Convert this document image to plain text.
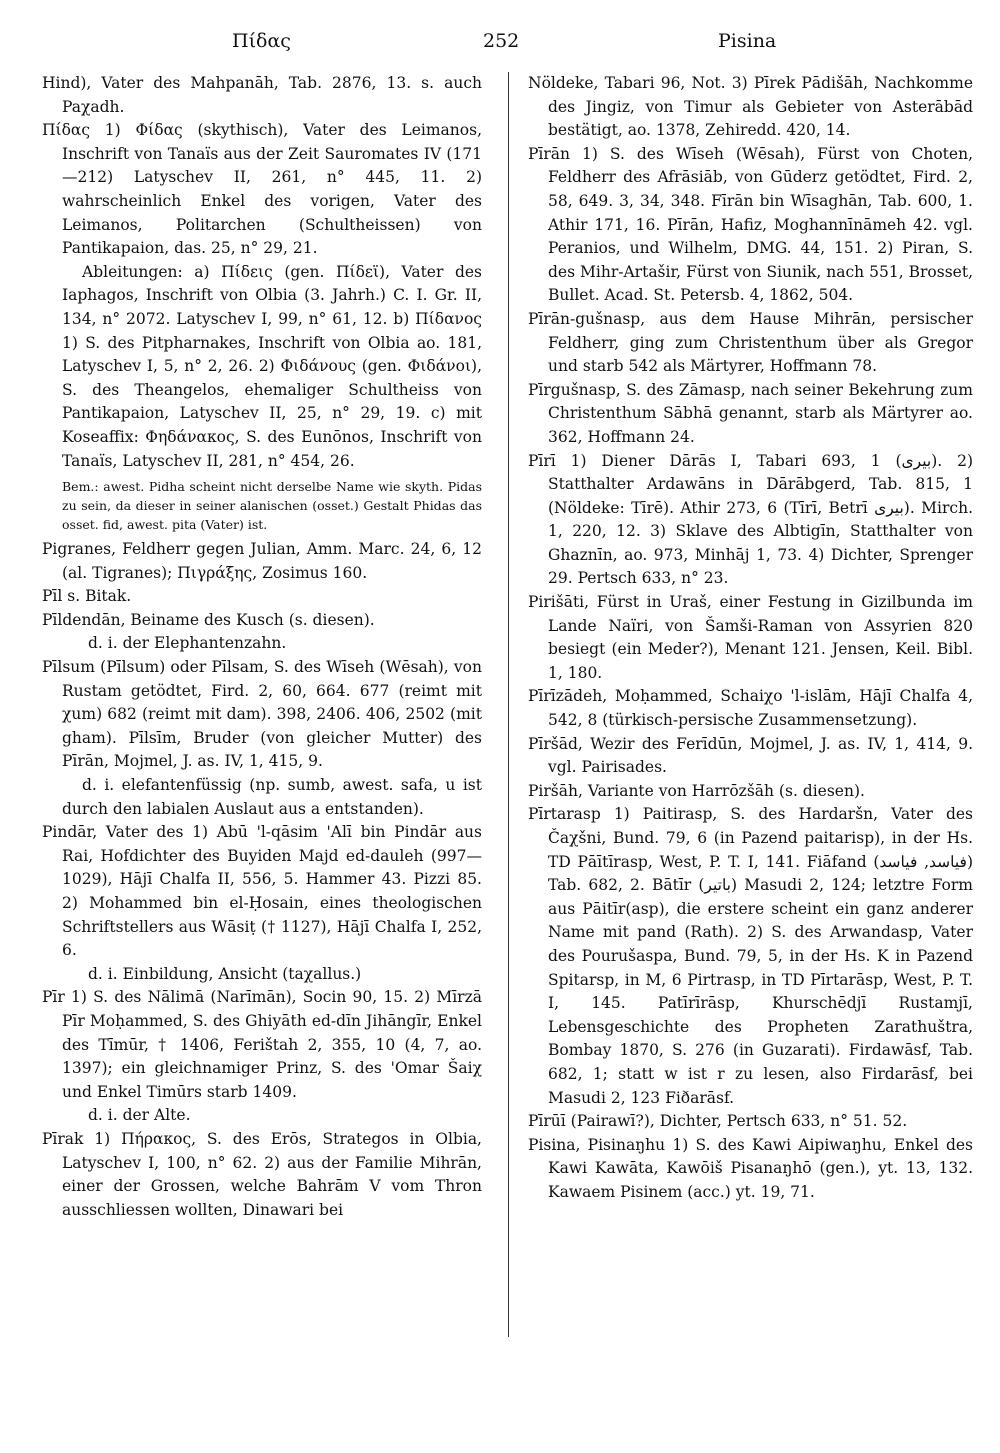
Πίδας	252	Pisina

Hind), Vater des Mahpanāh, Tab. 2876, 13. s. auch Paχadh.

Πίδας 1) Φίδας (skythisch), Vater des Leimanos, Inschrift von Tanaïs aus der Zeit Sauromates IV (171—212) Latyschev II, 261, n° 445, 11. 2) wahrscheinlich Enkel des vorigen, Vater des Leimanos, Politarchen (Schultheissen) von Pantikapaion, das. 25, n° 29, 21.

Ableitungen: a) Πίδεις (gen. Πίδεϊ), Vater des Iaphagos, Inschrift von Olbia (3. Jahrh.) C. I. Gr. II, 134, n° 2072. Latyschev I, 99, n° 61, 12. b) Πίδανος 1) S. des Pitpharnakes, Inschrift von Olbia ao. 181, Latyschev I, 5, n° 2, 26. 2) Φιδάνους (gen. Φιδάνοι), S. des Theangelos, ehemaliger Schultheiss von Pantikapaion, Latyschev II, 25, n° 29, 19. c) mit Koseaffix: Φηδάνακος, S. des Eunōnos, Inschrift von Tanaïs, Latyschev II, 281, n° 454, 26.

Bem.: awest. Pidha scheint nicht derselbe Name wie skyth. Pidas zu sein, da dieser in seiner alanischen (osset.) Gestalt Phidas das osset. fid, awest. pita (Vater) ist.

Pigranes, Feldherr gegen Julian, Amm. Marc. 24, 6, 12 (al. Tigranes); Πιγράξης, Zosimus 160.

Pīl s. Bitak.

Pīldendān, Beiname des Kusch (s. diesen).

d. i. der Elephantenzahn.

Pīlsum (Pīlsum) oder Pīlsam, S. des Wīseh (Wēsah), von Rustam getödtet, Fird. 2, 60, 664. 677 (reimt mit χum) 682 (reimt mit dam). 398, 2406. 406, 2502 (mit gham). Pīlsīm, Bruder (von gleicher Mutter) des Pīrān, Mojmel, J. as. IV, 1, 415, 9.

d. i. elefantenfüssig (np. sumb, awest. safa, u ist durch den labialen Auslaut aus a entstanden).

Pindār, Vater des 1) Abū 'l-qāsim 'Alī bin Pindār aus Rai, Hofdichter des Buyiden Majd ed-dauleh (997—1029), Hājī Chalfa II, 556, 5. Hammer 43. Pizzi 85. 2) Mohammed bin el-Ḥosain, eines theologischen Schriftstellers aus Wāsiṭ († 1127), Hājī Chalfa I, 252, 6.

d. i. Einbildung, Ansicht (taχallus.)

Pīr 1) S. des Nālimā (Narīmān), Socin 90, 15. 2) Mīrzā Pīr Moḥammed, S. des Ghiyāth ed-dīn Jihāngīr, Enkel des Tīmūr, † 1406, Ferištah 2, 355, 10 (4, 7, ao. 1397); ein gleichnamiger Prinz, S. des 'Omar Šaiχ und Enkel Timūrs starb 1409.

d. i. der Alte.

Pīrak 1) Πήρακος, S. des Erōs, Strategos in Olbia, Latyschev I, 100, n° 62. 2) aus der Familie Mihrān, einer der Grossen, welche Bahrām V vom Thron ausschliessen wollten, Dinawari bei

Nöldeke, Tabari 96, Not. 3) Pīrek Pādišāh, Nachkomme des Jingiz, von Timur als Gebieter von Asterābād bestätigt, ao. 1378, Zehiredd. 420, 14.

Pīrān 1) S. des Wīseh (Wēsah), Fürst von Choten, Feldherr des Afrāsiāb, von Gūderz getödtet, Fird. 2, 58, 649. 3, 34, 348. Fīrān bin Wīsaghān, Tab. 600, 1. Athir 171, 16. Pīrān, Hafiz, Moghannīnāmeh 42. vgl. Peranios, und Wilhelm, DMG. 44, 151. 2) Piran, S. des Mihr-Artašir, Fürst von Siunik, nach 551, Brosset, Bullet. Acad. St. Petersb. 4, 1862, 504.

Pīrān-gušnasp, aus dem Hause Mihrān, persischer Feldherr, ging zum Christenthum über als Gregor und starb 542 als Märtyrer, Hoffmann 78.

Pīrgušnasp, S. des Zāmasp, nach seiner Bekehrung zum Christenthum Sābhā genannt, starb als Märtyrer ao. 362, Hoffmann 24.

Pīrī 1) Diener Dārās I, Tabari 693, 1 (بیری). 2) Statthalter Ardawāns in Dārābgerd, Tab. 815, 1 (Nöldeke: Tīrē). Athir 273, 6 (Tīrī, Betrī بیری). Mirch. 1, 220, 12. 3) Sklave des Albtigīn, Statthalter von Ghaznīn, ao. 973, Minhāj 1, 73. 4) Dichter, Sprenger 29. Pertsch 633, n° 23.

Pirišāti, Fürst in Uraš, einer Festung in Gizilbunda im Lande Naïri, von Šamši-Raman von Assyrien 820 besiegt (ein Meder?), Menant 121. Jensen, Keil. Bibl. 1, 180.

Pīrīzādeh, Moḥammed, Schaiχo 'l-islām, Hājī Chalfa 4, 542, 8 (türkisch-persische Zusammensetzung).

Pīršād, Wezir des Ferīdūn, Mojmel, J. as. IV, 1, 414, 9. vgl. Pairisades.

Piršāh, Variante von Harrōzšāh (s. diesen).

Pīrtarasp 1) Paitirasp, S. des Hardaršn, Vater des Čaχšni, Bund. 79, 6 (in Pazend paitarisp), in der Hs. TD Pāītīrasp, West, P. T. I, 141. Fiāfand (فیاسد, فیاسد) Tab. 682, 2. Bātīr (باتیر) Masudi 2, 124; letztre Form aus Pāitīr(asp), die erstere scheint ein ganz anderer Name mit pand (Rath). 2) S. des Arwandasp, Vater des Pourušaspa, Bund. 79, 5, in der Hs. K in Pazend Spitarsp, in M, 6 Pirtrasp, in TD Pīrtarāsp, West, P. T. I, 145. Patīrīrāsp, Khurschēdjī Rustamjī, Lebensgeschichte des Propheten Zarathuštra, Bombay 1870, S. 276 (in Guzarati). Firdawāsf, Tab. 682, 1; statt w ist r zu lesen, also Firdarāsf, bei Masudi 2, 123 Fiðarāsf.

Pīrūī (Pairawī?), Dichter, Pertsch 633, n° 51. 52.

Pisina, Pisinaŋhu 1) S. des Kawi Aipiwaŋhu, Enkel des Kawi Kawāta, Kawōiš Pisanaŋhō (gen.), yt. 13, 132. Kawaem Pisinem (acc.) yt. 19, 71.
